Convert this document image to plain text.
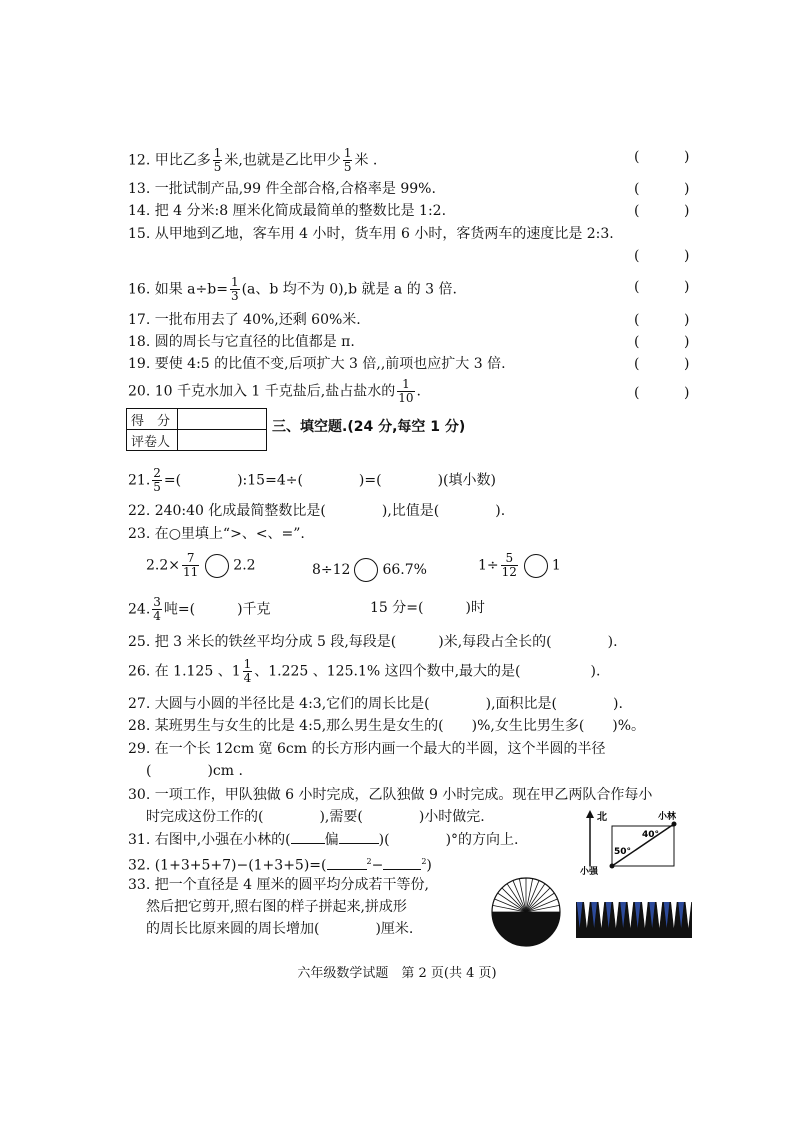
12. 甲比乙多 $\frac{1}{5}$ 米,也就是乙比甲少 $\frac{1}{5}$ 米 .	(	)
13. 一批试制产品,99 件全部合格,合格率是 99%.	(	)
14. 把 4 分米:8 厘米化简成最简单的整数比是 1:2.	(	)
15. 从甲地到乙地，客车用 4 小时，货车用 6 小时，客货两车的速度比是 2:3.
(	)
16. 如果 $a\div b= \frac{1}{3} (a$、b 均不为 0),b 就是 a 的 3 倍.	(	)
17. 一批布用去了 40%,还剩 60%米.	(	)
18. 圆的周长与它直径的比值都是 π.	(	)
19. 要使 4:5 的比值不变,后项扩大 3 倍,,前项也应扩大 3 倍.	(	)
20. 10 千克水加入 1 千克盐后,盐占盐水的 $\frac{1}{10}$ .	(	)
得　分	
评卷人	
三、填空题.(24 分,每空 1 分)
21. $\frac{2}{5}$ =(　　　　):15=4÷(　　　　)=(　　　　)(填小数)
22. 240:40 化成最简整数比是(　　　　),比值是(　　　　).
23. 在○里填上“>、<、=”.
$2.2\times \frac{7}{11} 2.2$	8÷12 66.7%	$1\div \frac{5}{12} 1$
24. $\frac{3}{4}$ 吨=(　　　)千克	15 分=(　　　)时
25. 把 3 米长的铁丝平均分成 5 段,每段是(　　　)米,每段占全长的(　　　　).
26. 在 1.125 、$1 \frac{1}{4}$ 、1.225 、125.1% 这四个数中,最大的是(　　　　　).
27. 大圆与小圆的半径比是 4:3,它们的周长比是(　　　　),面积比是(　　　　).
28. 某班男生与女生的比是 4:5,那么男生是女生的(　　)%,女生比男生多(　　)%。
29. 在一个长 12cm 宽 6cm 的长方形内画一个最大的半圆，这个半圆的半径
(　　　　)cm .
30. 一项工作，甲队独做 6 小时完成，乙队独做 9 小时完成。现在甲乙两队合作每小
时完成这份工作的(　　　　),需要(　　　　)小时做完.
31. 右图中,小强在小林的( 偏	)(　　　　)°的方向上.
32. (1+3+5+7)−(1+3+5)=(	$^2$−	$^2$)
33. 把一个直径是 4 厘米的圆平均分成若干等份,
然后把它剪开,照右图的样子拼起来,拼成形
的周长比原来圆的周长增加(　　　　)厘米.
北	小林
小强
40°
50°
六年级数学试题　第 2 页(共 4 页)
